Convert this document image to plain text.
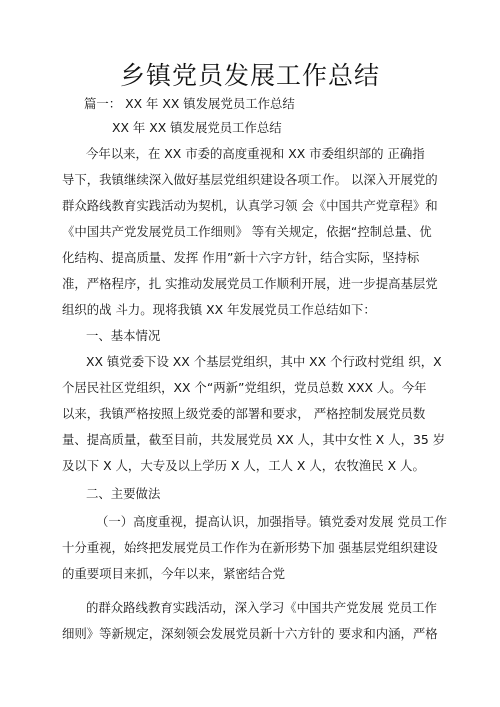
乡镇党员发展工作总结
篇一： XX 年 XX 镇发展党员工作总结
XX 年 XX 镇发展党员工作总结
今年以来，在 XX 市委的高度重视和 XX 市委组织部的 正确指
导下，我镇继续深入做好基层党组织建设各项工作。 以深入开展党的
群众路线教育实践活动为契机，认真学习领 会《中国共产党章程》和
《中国共产党发展党员工作细则》 等有关规定，依据“控制总量、优
化结构、提高质量、发挥 作用”新十六字方针，结合实际，坚持标
准，严格程序，扎 实推动发展党员工作顺利开展，进一步提高基层党
组织的战 斗力。现将我镇 XX 年发展党员工作总结如下：
一、基本情况
XX 镇党委下设 XX 个基层党组织，其中 XX 个行政村党组 织，X
个居民社区党组织，XX 个“两新”党组织，党员总数 XXX 人。今年
以来，我镇严格按照上级党委的部署和要求， 严格控制发展党员数
量、提高质量，截至目前，共发展党员 XX 人，其中女性 X 人，35 岁
及以下 X 人，大专及以上学历 X 人，工人 X 人，农牧渔民 X 人。
二、主要做法
（一）高度重视，提高认识，加强指导。镇党委对发展 党员工作
十分重视，始终把发展党员工作作为在新形势下加 强基层党组织建设
的重要项目来抓，今年以来，紧密结合党
的群众路线教育实践活动，深入学习《中国共产党发展 党员工作
细则》等新规定，深刻领会发展党员新十六方针的 要求和内涵，严格
